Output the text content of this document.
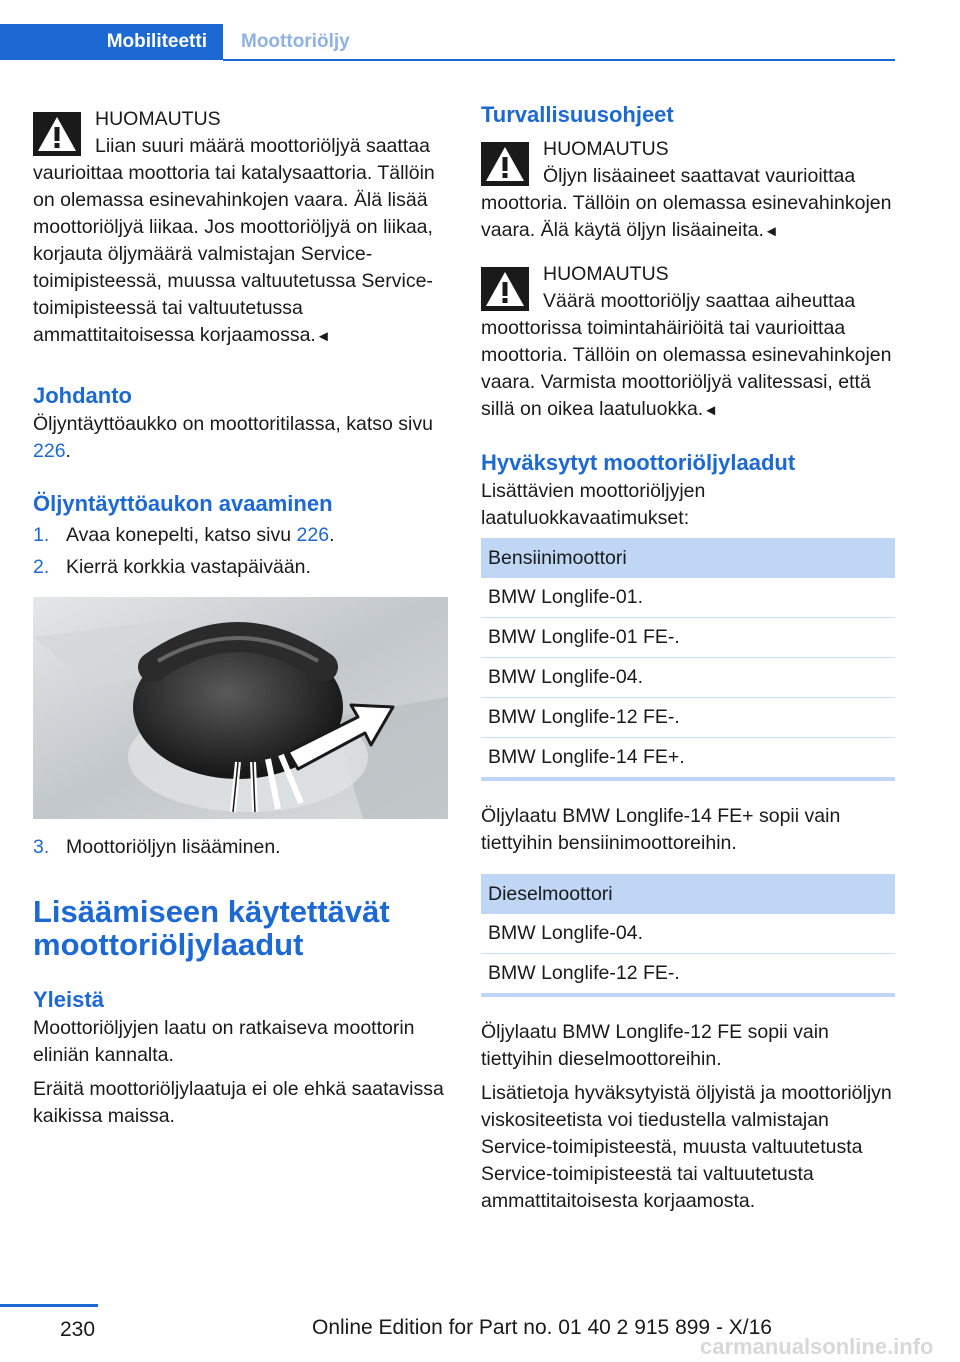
Mobiliteetti	Moottoriöljy

HUOMAUTUS

Liian suuri määrä moottoriöljyä saattaa vaurioittaa moottoria tai katalysaattoria. Tällöin on olemassa esinevahinkojen vaara. Älä lisää moottoriöljyä liikaa. Jos moottoriöljyä on liikaa, korjauta öljymäärä valmistajan Service-toimipisteessä, muussa valtuutetussa Service-toimipisteessä tai valtuutetussa ammattitaitoisessa korjaamossa.◄

Johdanto

Öljyntäyttöaukko on moottoritilassa, katso sivu 226.

Öljyntäyttöaukon avaaminen
1. Avaa konepelti, katso sivu 226.
2. Kierrä korkkia vastapäivään.
3. Moottoriöljyn lisääminen.
Lisäämiseen käytettävät
moottoriöljylaadut
Yleistä

Moottoriöljyjen laatu on ratkaiseva moottorin eliniän kannalta.

Eräitä moottoriöljylaatuja ei ole ehkä saatavissa kaikissa maissa.

Turvallisuusohjeet

HUOMAUTUS

Öljyn lisäaineet saattavat vaurioittaa moottoria. Tällöin on olemassa esinevahinkojen vaara. Älä käytä öljyn lisäaineita.◄

HUOMAUTUS

Väärä moottoriöljy saattaa aiheuttaa moottorissa toimintahäiriöitä tai vaurioittaa moottoria. Tällöin on olemassa esinevahinkojen vaara. Varmista moottoriöljyä valitessasi, että sillä on oikea laatuluokka.◄

Hyväksytyt moottoriöljylaadut

Lisättävien moottoriöljyjen laatuluokkavaatimukset:

Bensiinimoottori
BMW Longlife-01.
BMW Longlife-01 FE-.
BMW Longlife-04.
BMW Longlife-12 FE-.
BMW Longlife-14 FE+.

Öljylaatu BMW Longlife-14 FE+ sopii vain tiettyihin bensiinimoottoreihin.

Dieselmoottori
BMW Longlife-04.
BMW Longlife-12 FE-.

Öljylaatu BMW Longlife-12 FE sopii vain tiettyihin dieselmoottoreihin.

Lisätietoja hyväksytyistä öljyistä ja moottoriöljyn viskositeetista voi tiedustella valmistajan Service-toimipisteestä, muusta valtuutetusta Service-toimipisteestä tai valtuutetusta ammattitaitoisesta korjaamosta.

230	Online Edition for Part no. 01 40 2 915 899 - X/16
carmanualsonline.info
